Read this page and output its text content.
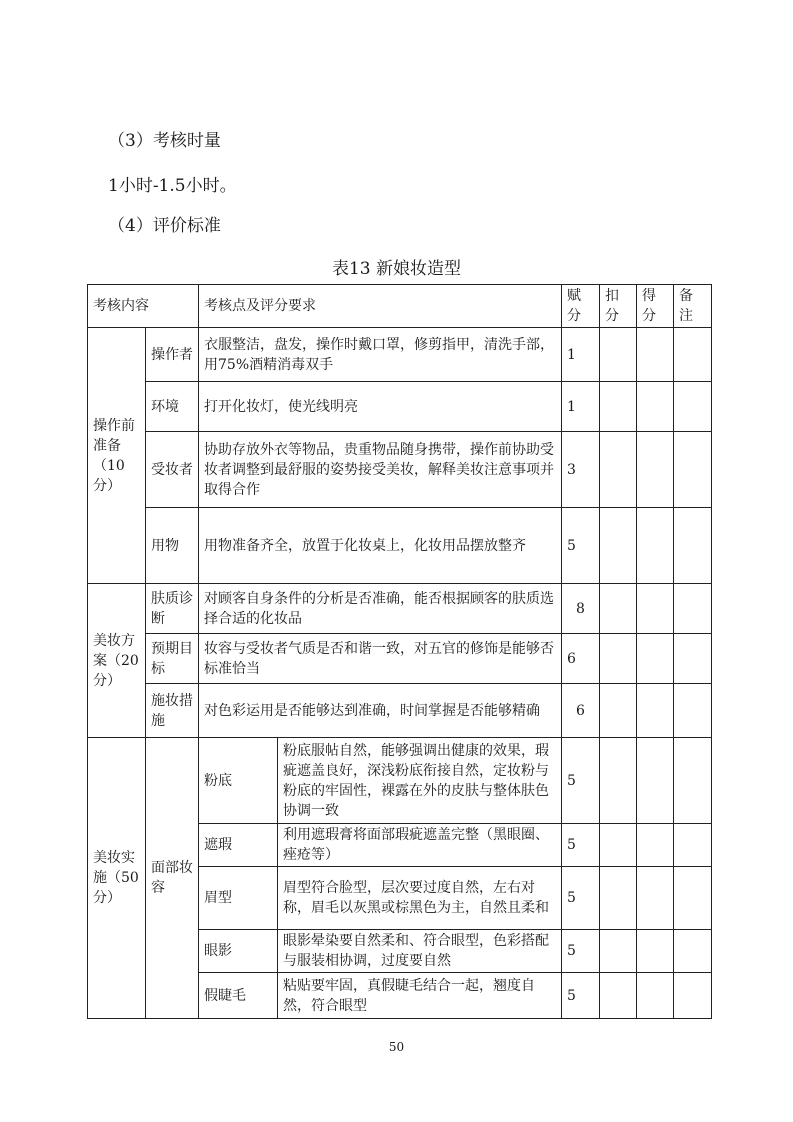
（3）考核时量
1小时-1.5小时。
（4）评价标准
表13 新娘妆造型
考核内容		考核点及评分要求		赋分	扣分	得分	备注
操作前准备（10分）	操作者	衣服整洁，盘发，操作时戴口罩，修剪指甲，清洗手部，用75%酒精消毒双手		1			
	环境	打开化妆灯，使光线明亮		1			
	受妆者	协助存放外衣等物品，贵重物品随身携带，操作前协助受妆者调整到最舒服的姿势接受美妆，解释美妆注意事项并取得合作		3			
	用物	用物准备齐全，放置于化妆桌上，化妆用品摆放整齐		5			
美妆方案（20分）	肤质诊断	对顾客自身条件的分析是否准确，能否根据顾客的肤质选择合适的化妆品		8			
	预期目标	妆容与受妆者气质是否和谐一致，对五官的修饰是能够否标准恰当		6			
	施妆措施	对色彩运用是否能够达到准确，时间掌握是否能够精确		6			
美妆实施（50分）	面部妆容	粉底	粉底服帖自然，能够强调出健康的效果，瑕疵遮盖良好，深浅粉底衔接自然，定妆粉与粉底的牢固性，裸露在外的皮肤与整体肤色协调一致	5			
		遮瑕	利用遮瑕膏将面部瑕疵遮盖完整（黑眼圈、痤疮等）	5			
		眉型	眉型符合脸型，层次要过度自然，左右对称，眉毛以灰黑或棕黑色为主，自然且柔和	5			
		眼影	眼影晕染要自然柔和、符合眼型，色彩搭配与服装相协调，过度要自然	5			
		假睫毛	粘贴要牢固，真假睫毛结合一起，翘度自然，符合眼型	5			
50
